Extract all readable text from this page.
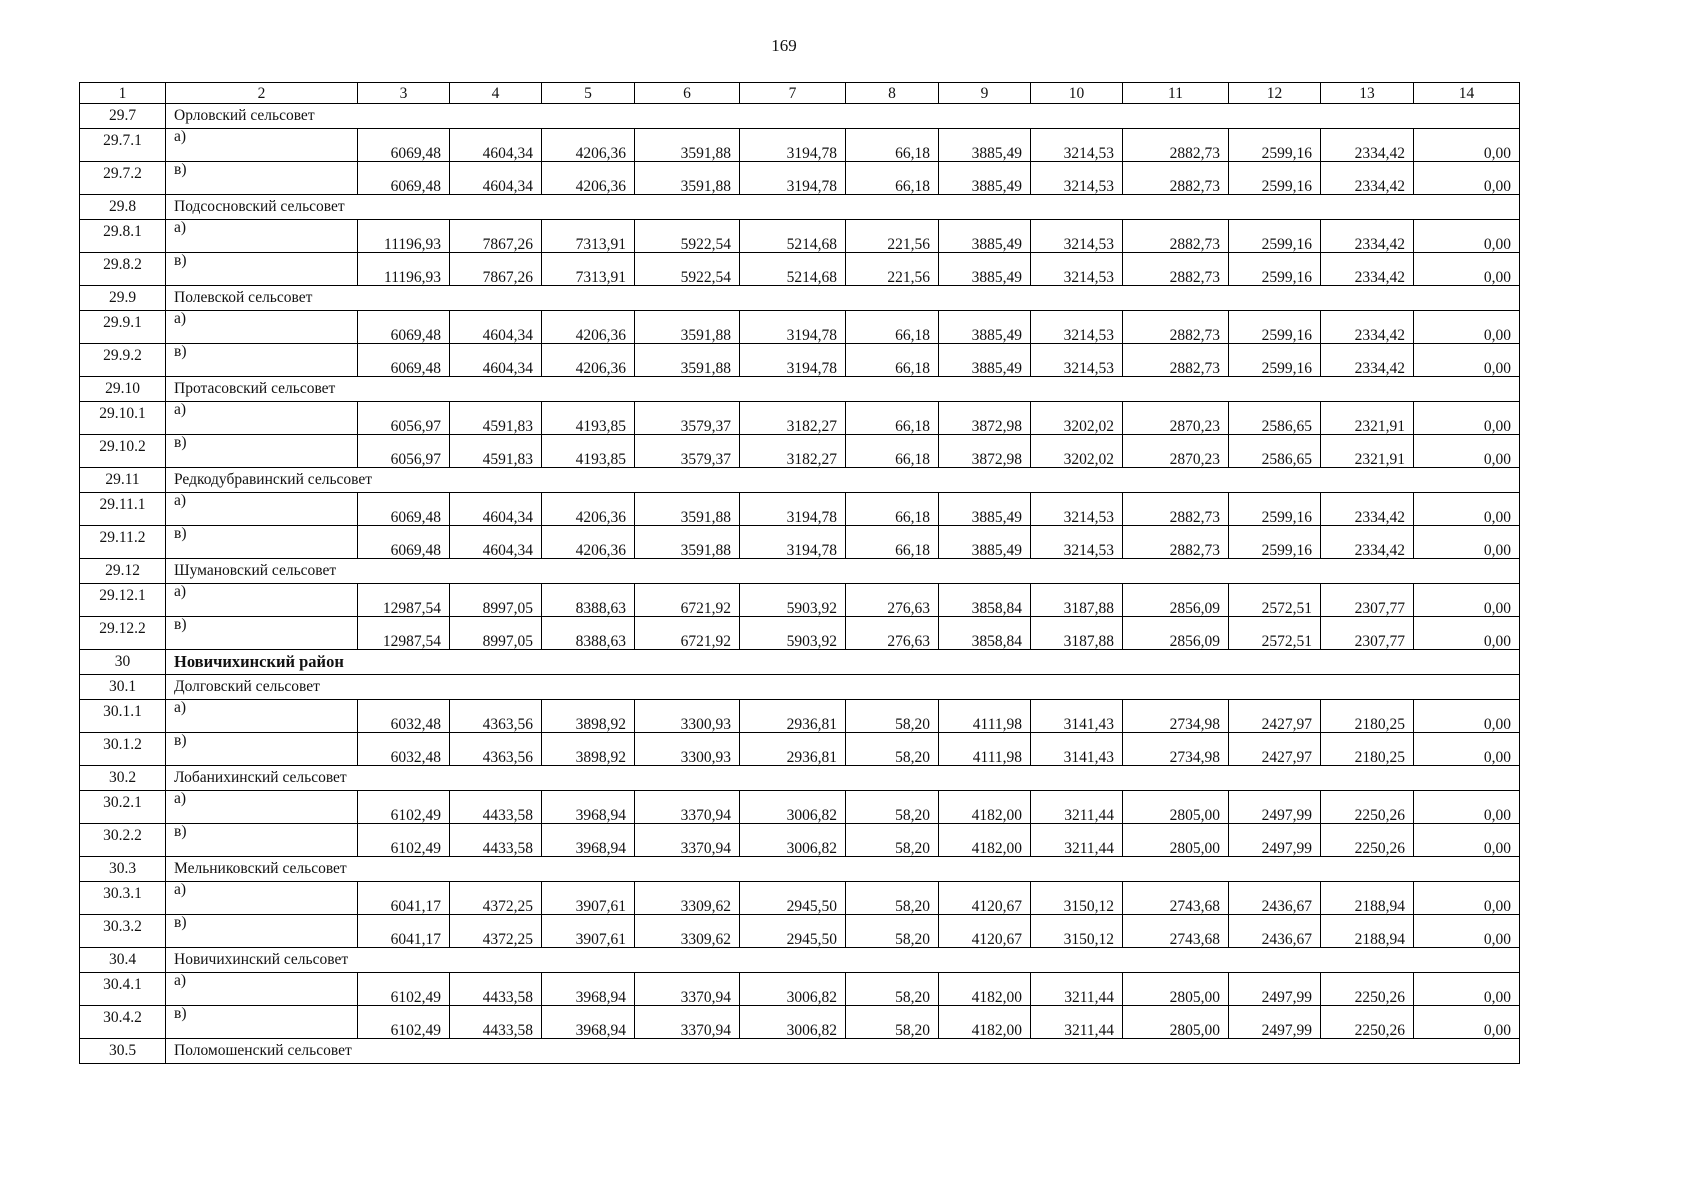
169
1	2	3	4	5	6	7	8	9	10	11	12	13	14
29.7	Орловский сельсовет												
29.7.1	а)	6069,48	4604,34	4206,36	3591,88	3194,78	66,18	3885,49	3214,53	2882,73	2599,16	2334,42	0,00
29.7.2	в)	6069,48	4604,34	4206,36	3591,88	3194,78	66,18	3885,49	3214,53	2882,73	2599,16	2334,42	0,00
29.8	Подсосновский сельсовет												
29.8.1	а)	11196,93	7867,26	7313,91	5922,54	5214,68	221,56	3885,49	3214,53	2882,73	2599,16	2334,42	0,00
29.8.2	в)	11196,93	7867,26	7313,91	5922,54	5214,68	221,56	3885,49	3214,53	2882,73	2599,16	2334,42	0,00
29.9	Полевской сельсовет												
29.9.1	а)	6069,48	4604,34	4206,36	3591,88	3194,78	66,18	3885,49	3214,53	2882,73	2599,16	2334,42	0,00
29.9.2	в)	6069,48	4604,34	4206,36	3591,88	3194,78	66,18	3885,49	3214,53	2882,73	2599,16	2334,42	0,00
29.10	Протасовский сельсовет												
29.10.1	а)	6056,97	4591,83	4193,85	3579,37	3182,27	66,18	3872,98	3202,02	2870,23	2586,65	2321,91	0,00
29.10.2	в)	6056,97	4591,83	4193,85	3579,37	3182,27	66,18	3872,98	3202,02	2870,23	2586,65	2321,91	0,00
29.11	Редкодубравинский сельсовет												
29.11.1	а)	6069,48	4604,34	4206,36	3591,88	3194,78	66,18	3885,49	3214,53	2882,73	2599,16	2334,42	0,00
29.11.2	в)	6069,48	4604,34	4206,36	3591,88	3194,78	66,18	3885,49	3214,53	2882,73	2599,16	2334,42	0,00
29.12	Шумановский сельсовет												
29.12.1	а)	12987,54	8997,05	8388,63	6721,92	5903,92	276,63	3858,84	3187,88	2856,09	2572,51	2307,77	0,00
29.12.2	в)	12987,54	8997,05	8388,63	6721,92	5903,92	276,63	3858,84	3187,88	2856,09	2572,51	2307,77	0,00
30	Новичихинский район												
30.1	Долговский сельсовет												
30.1.1	а)	6032,48	4363,56	3898,92	3300,93	2936,81	58,20	4111,98	3141,43	2734,98	2427,97	2180,25	0,00
30.1.2	в)	6032,48	4363,56	3898,92	3300,93	2936,81	58,20	4111,98	3141,43	2734,98	2427,97	2180,25	0,00
30.2	Лобанихинский сельсовет												
30.2.1	а)	6102,49	4433,58	3968,94	3370,94	3006,82	58,20	4182,00	3211,44	2805,00	2497,99	2250,26	0,00
30.2.2	в)	6102,49	4433,58	3968,94	3370,94	3006,82	58,20	4182,00	3211,44	2805,00	2497,99	2250,26	0,00
30.3	Мельниковский сельсовет												
30.3.1	а)	6041,17	4372,25	3907,61	3309,62	2945,50	58,20	4120,67	3150,12	2743,68	2436,67	2188,94	0,00
30.3.2	в)	6041,17	4372,25	3907,61	3309,62	2945,50	58,20	4120,67	3150,12	2743,68	2436,67	2188,94	0,00
30.4	Новичихинский сельсовет												
30.4.1	а)	6102,49	4433,58	3968,94	3370,94	3006,82	58,20	4182,00	3211,44	2805,00	2497,99	2250,26	0,00
30.4.2	в)	6102,49	4433,58	3968,94	3370,94	3006,82	58,20	4182,00	3211,44	2805,00	2497,99	2250,26	0,00
30.5	Поломошенский сельсовет												
